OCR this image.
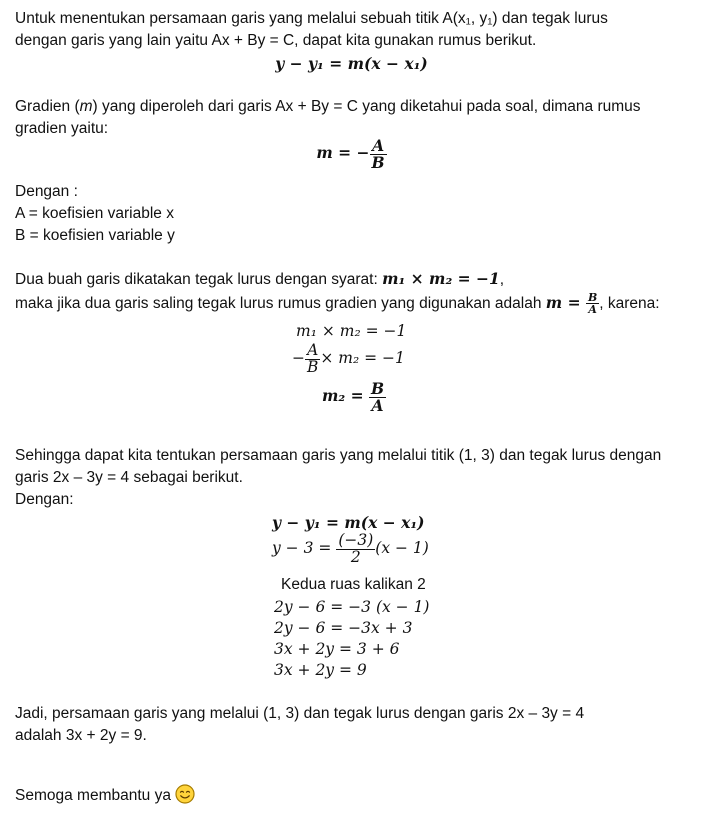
Untuk menentukan persamaan garis yang melalui sebuah titik A(x₁, y₁) dan tegak lurus

dengan garis yang lain yaitu Ax + By = C, dapat kita gunakan rumus berikut.

y − y₁ = m(x − x₁)

Gradien (m) yang diperoleh dari garis Ax + By = C yang diketahui pada soal, dimana rumus

gradien yaitu:

m = − $\frac{A}{B}$

Dengan :

A = koefisien variable x

B = koefisien variable y

Dua buah garis dikatakan tegak lurus dengan syarat: m₁ × m₂ = −1,

maka jika dua garis saling tegak lurus rumus gradien yang digunakan adalah $m = \frac{B}{A}$ , karena:

m₁ × m₂ = −1
− $\frac{A}{B} \times m_2 = -1$
$m_2 = \frac{B}{A}$

Sehingga dapat kita tentukan persamaan garis yang melalui titik (1, 3) dan tegak lurus dengan

garis 2x – 3y = 4 sebagai berikut.

Dengan:

y − y₁ = m(x − x₁)
$y - 3 = \frac{(-3)}{2} (x - 1)$
Kedua ruas kalikan 2
2y − 6 = −3 (x − 1)
2y − 6 = −3x + 3
3x + 2y = 3 + 6
3x + 2y = 9

Jadi, persamaan garis yang melalui (1, 3) dan tegak lurus dengan garis 2x – 3y = 4

adalah 3x + 2y = 9.

Semoga membantu ya
